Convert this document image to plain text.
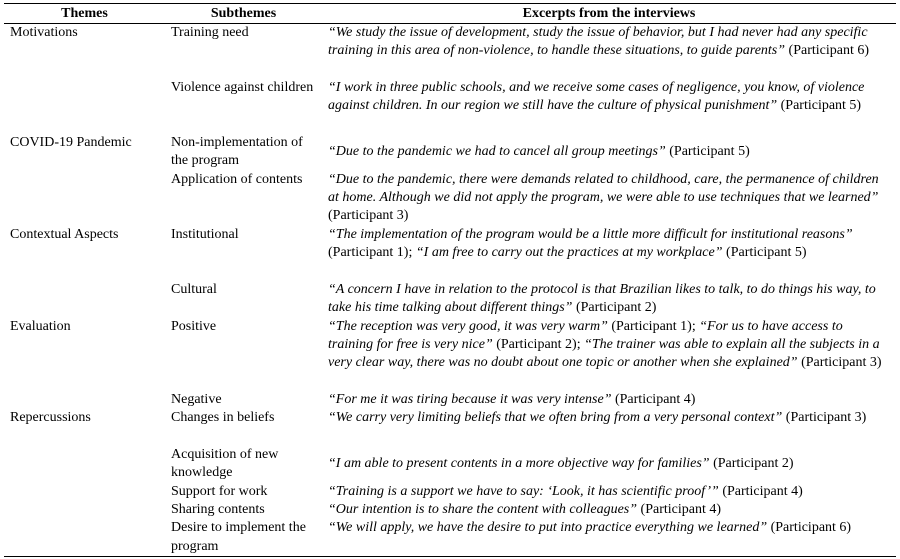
Themes	Subthemes	Excerpts from the interviews
Motivations	Training need	“We study the issue of development, study the issue of behavior, but I had never had any specific training in this area of non-violence, to handle these situations, to guide parents” (Participant 6)
	Violence against children	“I work in three public schools, and we receive some cases of negligence, you know, of violence against children. In our region we still have the culture of physical punishment” (Participant 5)
COVID-19 Pandemic	Non-implementation of the program	“Due to the pandemic we had to cancel all group meetings” (Participant 5)
	Application of contents	“Due to the pandemic, there were demands related to childhood, care, the permanence of children at home. Although we did not apply the program, we were able to use techniques that we learned” (Participant 3)
Contextual Aspects	Institutional	“The implementation of the program would be a little more difficult for institutional reasons” (Participant 1); “I am free to carry out the practices at my workplace” (Participant 5)
	Cultural	“A concern I have in relation to the protocol is that Brazilian likes to talk, to do things his way, to take his time talking about different things” (Participant 2)
Evaluation	Positive	“The reception was very good, it was very warm” (Participant 1); “For us to have access to training for free is very nice” (Participant 2); “The trainer was able to explain all the subjects in a very clear way, there was no doubt about one topic or another when she explained” (Participant 3)
	Negative	“For me it was tiring because it was very intense” (Participant 4)
Repercussions	Changes in beliefs	“We carry very limiting beliefs that we often bring from a very personal context” (Participant 3)
	Acquisition of new knowledge	“I am able to present contents in a more objective way for families” (Participant 2)
	Support for work	“Training is a support we have to say: ‘Look, it has scientific proof’” (Participant 4)
	Sharing contents	“Our intention is to share the content with colleagues” (Participant 4)
	Desire to implement the program	“We will apply, we have the desire to put into practice everything we learned” (Participant 6)
